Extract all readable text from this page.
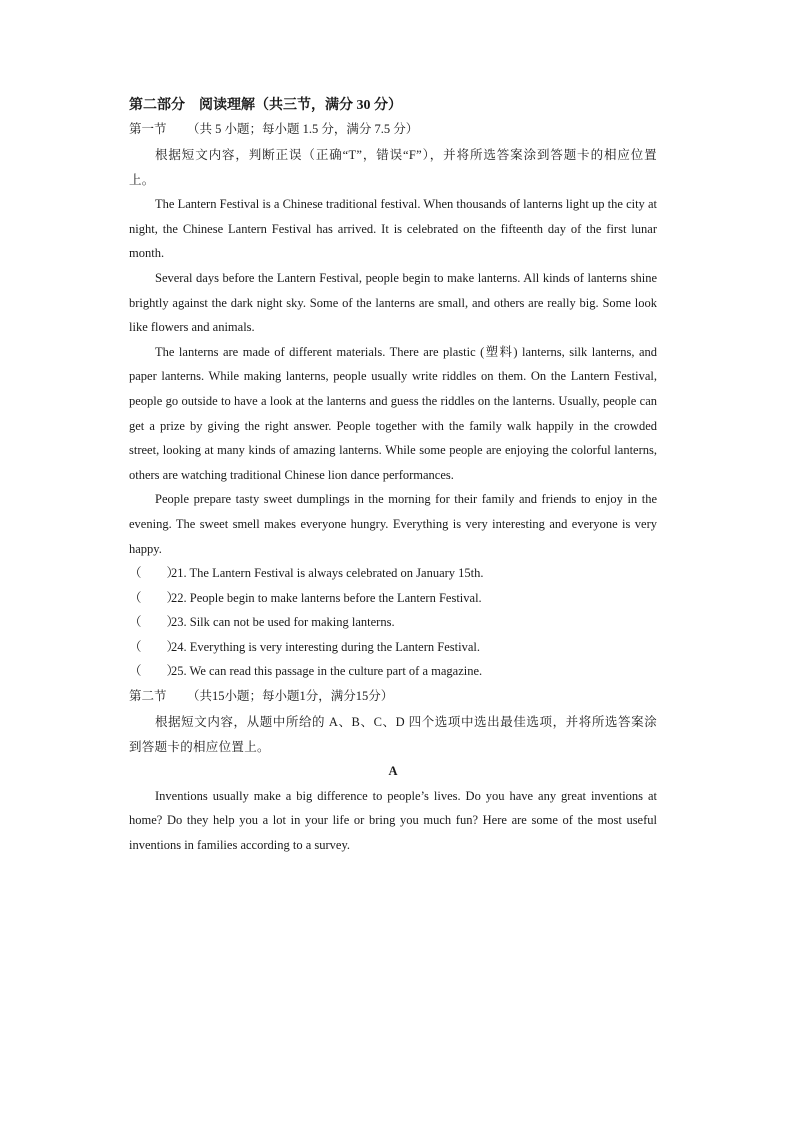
第二部分　阅读理解（共三节，满分 30 分）
第一节 （共 5 小题；每小题 1.5 分，满分 7.5 分）
根据短文内容，判断正误（正确“T”，错误“F”），并将所选答案涂到答题卡的相应位置上。
The Lantern Festival is a Chinese traditional festival. When thousands of lanterns light up the city at night, the Chinese Lantern Festival has arrived. It is celebrated on the fifteenth day of the first lunar month.
Several days before the Lantern Festival, people begin to make lanterns. All kinds of lanterns shine brightly against the dark night sky. Some of the lanterns are small, and others are really big. Some look like flowers and animals.
The lanterns are made of different materials. There are plastic (塑料) lanterns, silk lanterns, and paper lanterns. While making lanterns, people usually write riddles on them. On the Lantern Festival, people go outside to have a look at the lanterns and guess the riddles on the lanterns. Usually, people can get a prize by giving the right answer. People together with the family walk happily in the crowded street, looking at many kinds of amazing lanterns. While some people are enjoying the colorful lanterns, others are watching traditional Chinese lion dance performances.
People prepare tasty sweet dumplings in the morning for their family and friends to enjoy in the evening. The sweet smell makes everyone hungry. Everything is very interesting and everyone is very happy.
（　　）21. The Lantern Festival is always celebrated on January 15th.
（　　）22. People begin to make lanterns before the Lantern Festival.
（　　）23. Silk can not be used for making lanterns.
（　　）24. Everything is very interesting during the Lantern Festival.
（　　）25. We can read this passage in the culture part of a magazine.
第二节 （共15小题；每小题1分，满分15分）
根据短文内容，从题中所给的 A、B、C、D 四个选项中选出最佳选项，并将所选答案涂到答题卡的相应位置上。
A
Inventions usually make a big difference to people’s lives. Do you have any great inventions at home? Do they help you a lot in your life or bring you much fun? Here are some of the most useful inventions in families according to a survey.
